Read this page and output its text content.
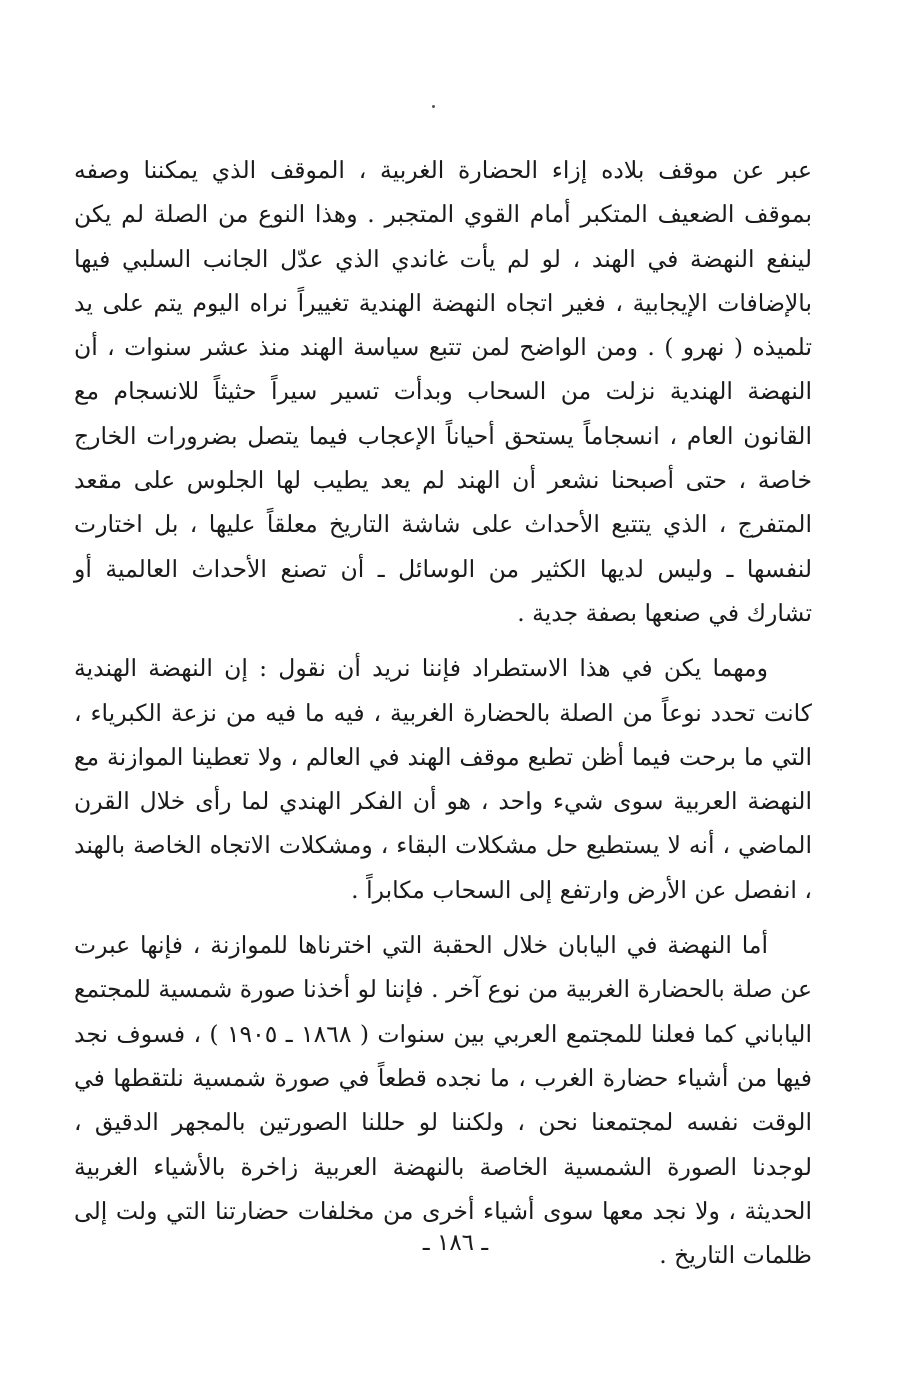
عبر عن موقف بلاده إزاء الحضارة الغربية ، الموقف الذي يمكننا وصفه بموقف الضعيف المتكبر أمام القوي المتجبر . وهذا النوع من الصلة لم يكن لينفع النهضة في الهند ، لو لم يأت غاندي الذي عدّل الجانب السلبي فيها بالإضافات الإيجابية ، فغير اتجاه النهضة الهندية تغييراً نراه اليوم يتم على يد تلميذه ( نهرو ) . ومن الواضح لمن تتبع سياسة الهند منذ عشر سنوات ، أن النهضة الهندية نزلت من السحاب وبدأت تسير سيراً حثيثاً للانسجام مع القانون العام ، انسجاماً يستحق أحياناً الإعجاب فيما يتصل بضرورات الخارج خاصة ، حتى أصبحنا نشعر أن الهند لم يعد يطيب لها الجلوس على مقعد المتفرج ، الذي يتتبع الأحداث على شاشة التاريخ معلقاً عليها ، بل اختارت لنفسها ـ وليس لديها الكثير من الوسائل ـ أن تصنع الأحداث العالمية أو تشارك في صنعها بصفة جدية .

ومهما يكن في هذا الاستطراد فإننا نريد أن نقول : إن النهضة الهندية كانت تحدد نوعاً من الصلة بالحضارة الغربية ، فيه ما فيه من نزعة الكبرياء ، التي ما برحت فيما أظن تطبع موقف الهند في العالم ، ولا تعطينا الموازنة مع النهضة العربية سوى شيء واحد ، هو أن الفكر الهندي لما رأى خلال القرن الماضي ، أنه لا يستطيع حل مشكلات البقاء ، ومشكلات الاتجاه الخاصة بالهند ، انفصل عن الأرض وارتفع إلى السحاب مكابراً .

أما النهضة في اليابان خلال الحقبة التي اخترناها للموازنة ، فإنها عبرت عن صلة بالحضارة الغربية من نوع آخر . فإننا لو أخذنا صورة شمسية للمجتمع الياباني كما فعلنا للمجتمع العربي بين سنوات ( ١٨٦٨ ـ ١٩٠٥ ) ، فسوف نجد فيها من أشياء حضارة الغرب ، ما نجده قطعاً في صورة شمسية نلتقطها في الوقت نفسه لمجتمعنا نحن ، ولكننا لو حللنا الصورتين بالمجهر الدقيق ، لوجدنا الصورة الشمسية الخاصة بالنهضة العربية زاخرة بالأشياء الغربية الحديثة ، ولا نجد معها سوى أشياء أخرى من مخلفات حضارتنا التي ولت إلى ظلمات التاريخ .

ـ ١٨٦ ـ
